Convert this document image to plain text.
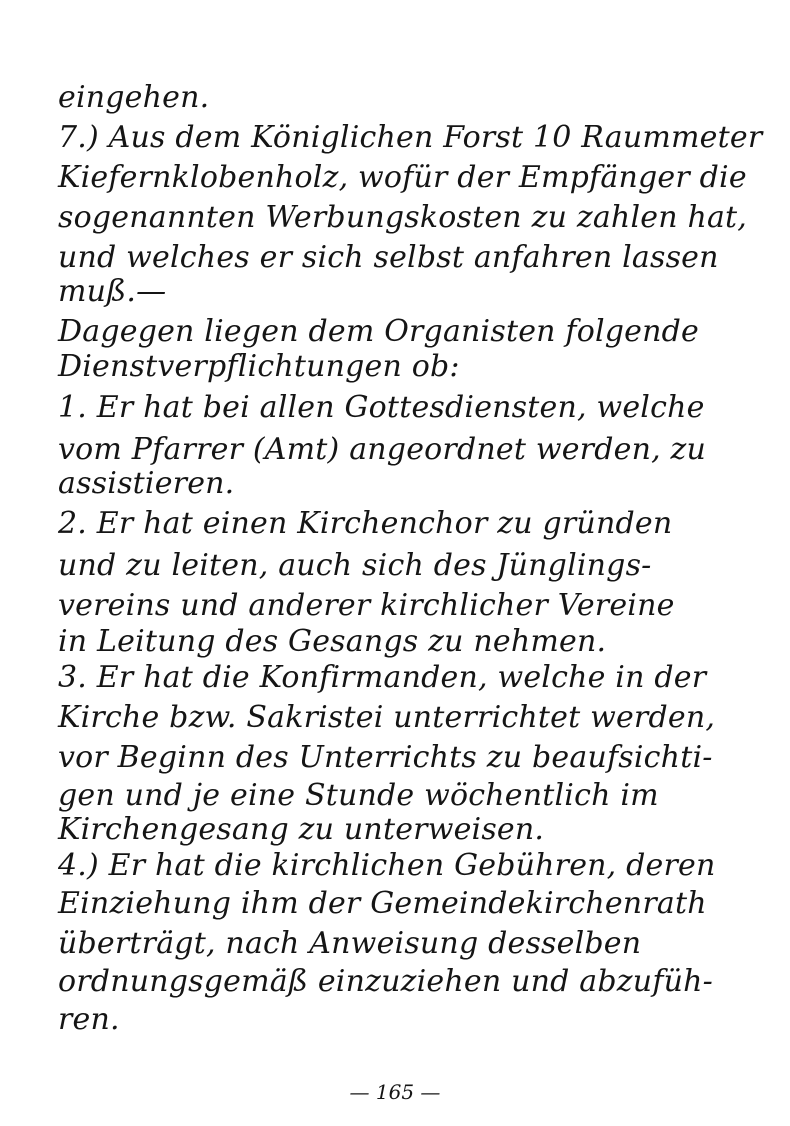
eingehen.

7.) Aus dem Königlichen Forst 10 Raummeter

Kiefernklobenholz, wofür der Empfänger die

sogenannten Werbungskosten zu zahlen hat,

und welches er sich selbst anfahren lassen

muß.—

Dagegen liegen dem Organisten folgende

Dienstverpflichtungen ob:

1. Er hat bei allen Gottesdiensten, welche

vom Pfarrer (Amt) angeordnet werden, zu

assistieren.

2. Er hat einen Kirchenchor zu gründen

und zu leiten, auch sich des Jünglings-

vereins und anderer kirchlicher Vereine

in Leitung des Gesangs zu nehmen.

3. Er hat die Konfirmanden, welche in der

Kirche bzw. Sakristei unterrichtet werden,

vor Beginn des Unterrichts zu beaufsichti-

gen und je eine Stunde wöchentlich im

Kirchengesang zu unterweisen.

4.) Er hat die kirchlichen Gebühren, deren

Einziehung ihm der Gemeindekirchenrath

überträgt, nach Anweisung desselben

ordnungsgemäß einzuziehen und abzufüh-

ren.

— 165 —
